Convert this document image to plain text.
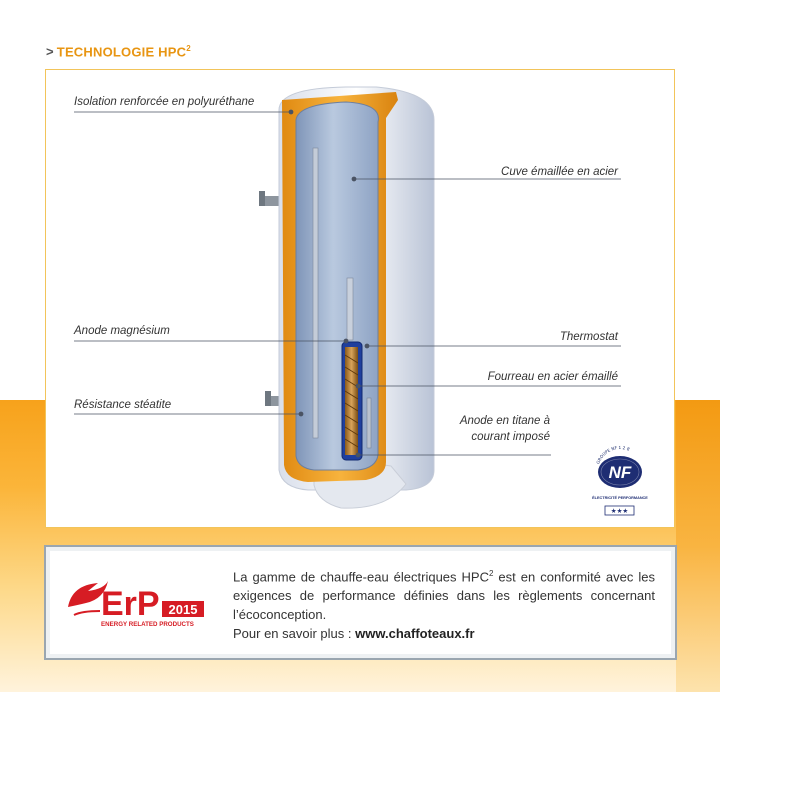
> TECHNOLOGIE HPC$^2$
Isolation renforcée en polyuréthane
Cuve émaillée en acier
Anode magnésium	Thermostat
Fourreau en acier émaillé
Résistance stéatite
Anode en titane à
courant imposé
GROUPE NF 1 2 8
NF
ÉLECTRICITÉ PERFORMANCE
★★★
ErP 2015
ENERGY RELATED PRODUCTS
La gamme de chauffe-eau électriques HPC$^2$ est en conformité avec les exigences de performance définies dans les règlements concernant l’écoconception.
Pour en savoir plus : www.chaffoteaux.fr
